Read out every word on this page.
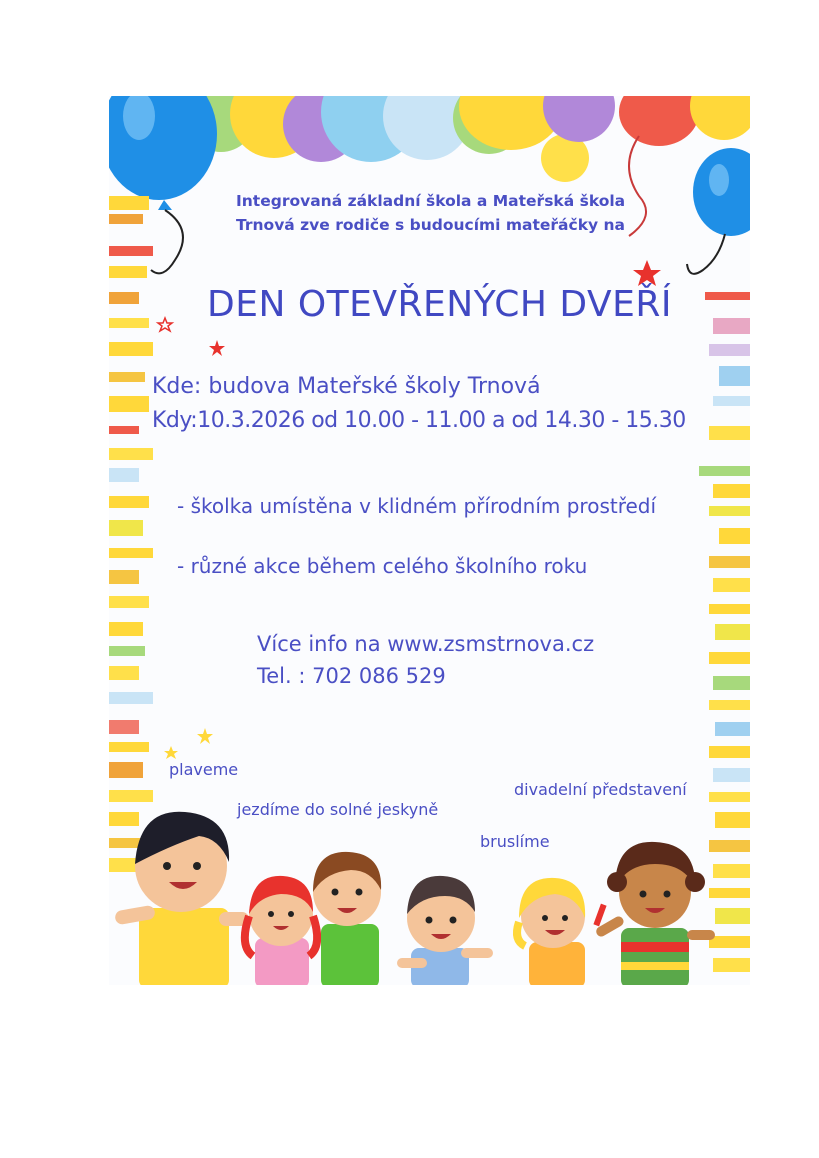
Integrovaná základní škola a Mateřská škola
Trnová zve rodiče s budoucími mateřáčky na
DEN OTEVŘENÝCH DVEŘÍ
Kde: budova Mateřské školy Trnová
Kdy:10.3.2026 od 10.00 - 11.00 a od 14.30 - 15.30
- školka umístěna v klidném přírodním prostředí
- různé akce během celého školního roku
Více info na www.zsmstrnova.cz
Tel. : 702 086 529
plaveme
jezdíme do solné jeskyně
divadelní představení
bruslíme
